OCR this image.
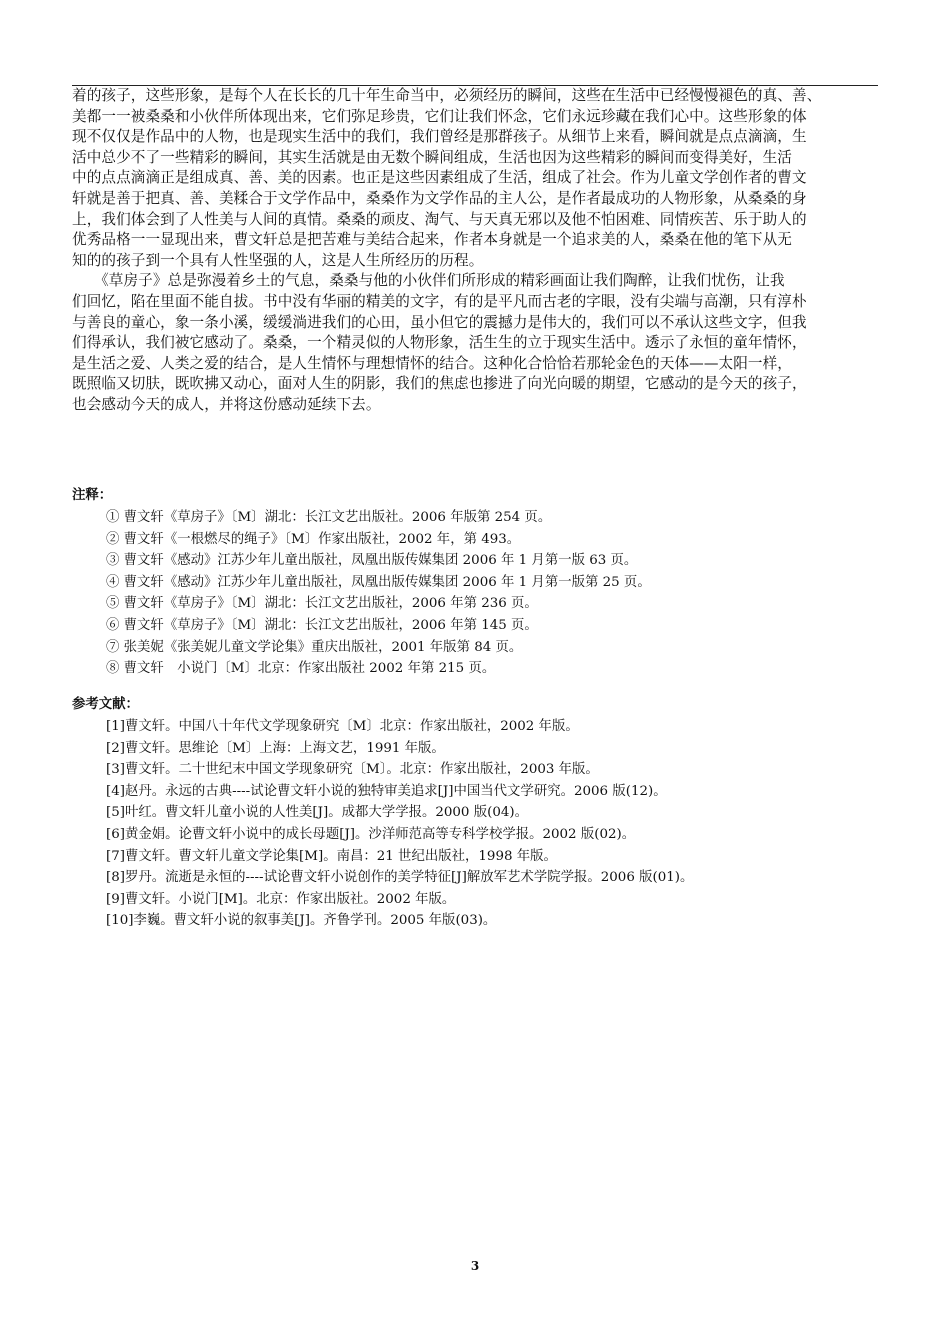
着的孩子，这些形象，是每个人在长长的几十年生命当中，必须经历的瞬间，这些在生活中已经慢慢褪色的真、善、

美都一一被桑桑和小伙伴所体现出来，它们弥足珍贵，它们让我们怀念，它们永远珍藏在我们心中。这些形象的体

现不仅仅是作品中的人物，也是现实生活中的我们，我们曾经是那群孩子。从细节上来看，瞬间就是点点滴滴，生

活中总少不了一些精彩的瞬间，其实生活就是由无数个瞬间组成，生活也因为这些精彩的瞬间而变得美好，生活

中的点点滴滴正是组成真、善、美的因素。也正是这些因素组成了生活，组成了社会。作为儿童文学创作者的曹文

轩就是善于把真、善、美糅合于文学作品中，桑桑作为文学作品的主人公，是作者最成功的人物形象，从桑桑的身

上，我们体会到了人性美与人间的真情。桑桑的顽皮、淘气、与天真无邪以及他不怕困难、同情疾苦、乐于助人的

优秀品格一一显现出来，曹文轩总是把苦难与美结合起来，作者本身就是一个追求美的人，桑桑在他的笔下从无

知的的孩子到一个具有人性坚强的人，这是人生所经历的历程。

　　《草房子》总是弥漫着乡土的气息，桑桑与他的小伙伴们所形成的精彩画面让我们陶醉，让我们忧伤，让我

们回忆，陷在里面不能自拔。书中没有华丽的精美的文字，有的是平凡而古老的字眼，没有尖端与高潮，只有淳朴

与善良的童心，象一条小溪，缓缓淌进我们的心田，虽小但它的震撼力是伟大的，我们可以不承认这些文字，但我

们得承认，我们被它感动了。桑桑，一个精灵似的人物形象，活生生的立于现实生活中。透示了永恒的童年情怀，

是生活之爱、人类之爱的结合，是人生情怀与理想情怀的结合。这种化合恰恰若那轮金色的天体——太阳一样，

既照临又切肤，既吹拂又动心，面对人生的阴影，我们的焦虑也掺进了向光向暖的期望，它感动的是今天的孩子，

也会感动今天的成人，并将这份感动延续下去。

注释：

① 曹文轩《草房子》〔M〕湖北：长江文艺出版社。2006 年版第 254 页。

② 曹文轩《一根燃尽的绳子》〔M〕作家出版社，2002 年，第 493。

③ 曹文轩《感动》江苏少年儿童出版社，凤凰出版传媒集团 2006 年 1 月第一版 63 页。

④ 曹文轩《感动》江苏少年儿童出版社，凤凰出版传媒集团 2006 年 1 月第一版第 25 页。

⑤ 曹文轩《草房子》〔M〕湖北：长江文艺出版社，2006 年第 236 页。

⑥ 曹文轩《草房子》〔M〕湖北：长江文艺出版社，2006 年第 145 页。

⑦ 张美妮《张美妮儿童文学论集》重庆出版社，2001 年版第 84 页。

⑧ 曹文轩　小说门〔M〕北京：作家出版社 2002 年第 215 页。

参考文献：

[1]曹文轩。中国八十年代文学现象研究〔M〕北京：作家出版社，2002 年版。

[2]曹文轩。思维论〔M〕上海：上海文艺，1991 年版。

[3]曹文轩。二十世纪末中国文学现象研究〔M〕。北京：作家出版社，2003 年版。

[4]赵丹。永远的古典----试论曹文轩小说的独特审美追求[J]中国当代文学研究。2006 版(12)。

[5]叶红。曹文轩儿童小说的人性美[J]。成都大学学报。2000 版(04)。

[6]黄金娟。论曹文轩小说中的成长母题[J]。沙洋师范高等专科学校学报。2002 版(02)。

[7]曹文轩。曹文轩儿童文学论集[M]。南昌：21 世纪出版社，1998 年版。

[8]罗丹。流逝是永恒的----试论曹文轩小说创作的美学特征[J]解放军艺术学院学报。2006 版(01)。

[9]曹文轩。小说门[M]。北京：作家出版社。2002 年版。

[10]李巍。曹文轩小说的叙事美[J]。齐鲁学刊。2005 年版(03)。

3
